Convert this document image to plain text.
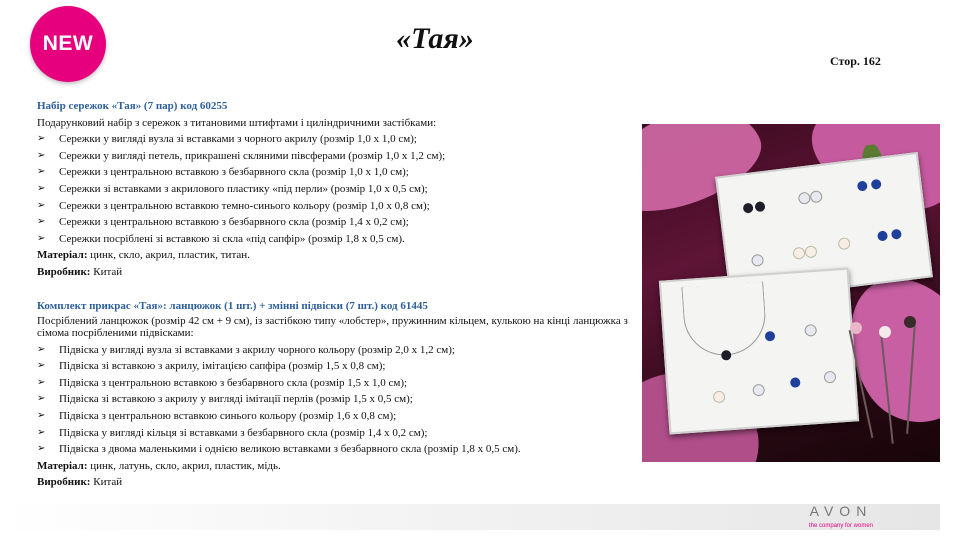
NEW	«Тая»
Стор. 162
Набір сережок «Тая» (7 пар) код 60255
Подарунковий набір з сережок з титановими штифтами і циліндричними застібками:
➢	Сережки у вигляді вузла зі вставками з чорного акрилу (розмір 1,0 х 1,0 см);
➢	Сережки у вигляді петель, прикрашені скляними півсферами (розмір 1,0 х 1,2 см);
➢	Сережки з центральною вставкою з безбарвного скла (розмір 1,0 х 1,0 см);
➢	Сережки зі вставками з акрилового пластику «під перли» (розмір 1,0 х 0,5 см);
➢	Сережки з центральною вставкою темно-синього кольору (розмір 1,0 х 0,8 см);
➢	Сережки з центральною вставкою з безбарвного скла (розмір 1,4 х 0,2 см);
➢	Сережки посріблені зі вставкою зі скла «під сапфір» (розмір 1,8 х 0,5 см).
Матеріал: цинк, скло, акрил, пластик, титан.
Виробник: Китай
Комплект прикрас «Тая»: ланцюжок (1 шт.) + змінні підвіски (7 шт.) код 61445
Посріблений ланцюжок (розмір 42 см + 9 см), із застібкою типу «лобстер», пружинним кільцем, кулькою на кінці ланцюжка з сімома посрібленими підвісками:
➢	Підвіска у вигляді вузла зі вставками з акрилу чорного кольору (розмір 2,0 х 1,2 см);
➢	Підвіска зі вставкою з акрилу, імітацією сапфіра (розмір 1,5 х 0,8 см);
➢	Підвіска з центральною вставкою з безбарвного скла (розмір 1,5 х 1,0 см);
➢	Підвіска зі вставкою з акрилу у вигляді імітації перлів (розмір 1,5 х 0,5 см);
➢	Підвіска з центральною вставкою синього кольору (розмір 1,6 х 0,8 см);
➢	Підвіска у вигляді кільця зі вставками з безбарвного скла (розмір 1,4 х 0,2 см);
➢	Підвіска з двома маленькими і однією великою вставками з безбарвного скла (розмір 1,8 х 0,5 см).
Матеріал: цинк, латунь, скло, акрил, пластик, мідь.
Виробник: Китай
AVON
the company for women
